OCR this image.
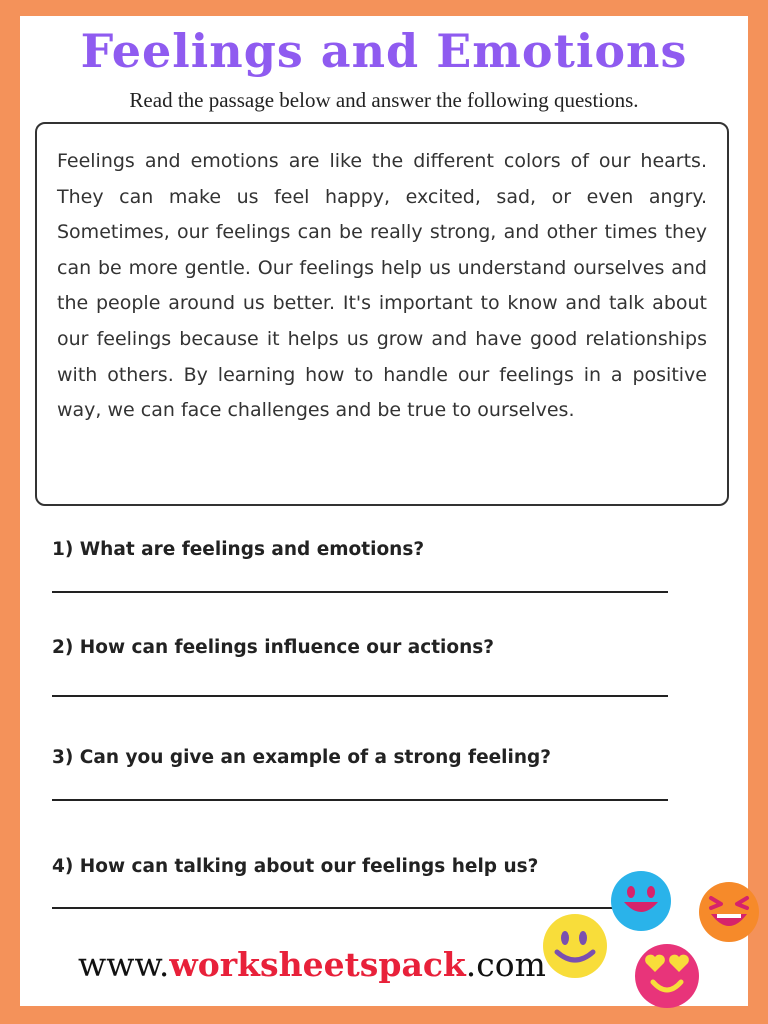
Feelings and Emotions

Read the passage below and answer the following questions.

Feelings and emotions are like the different colors of our hearts. They can make us feel happy, excited, sad, or even angry. Sometimes, our feelings can be really strong, and other times they can be more gentle. Our feelings help us understand ourselves and the people around us better. It's important to know and talk about our feelings because it helps us grow and have good relationships with others. By learning how to handle our feelings in a positive way, we can face challenges and be true to ourselves.

1) What are feelings and emotions?

2) How can feelings influence our actions?

3) Can you give an example of a strong feeling?

4) How can talking about our feelings help us?

www.worksheetspack.com
